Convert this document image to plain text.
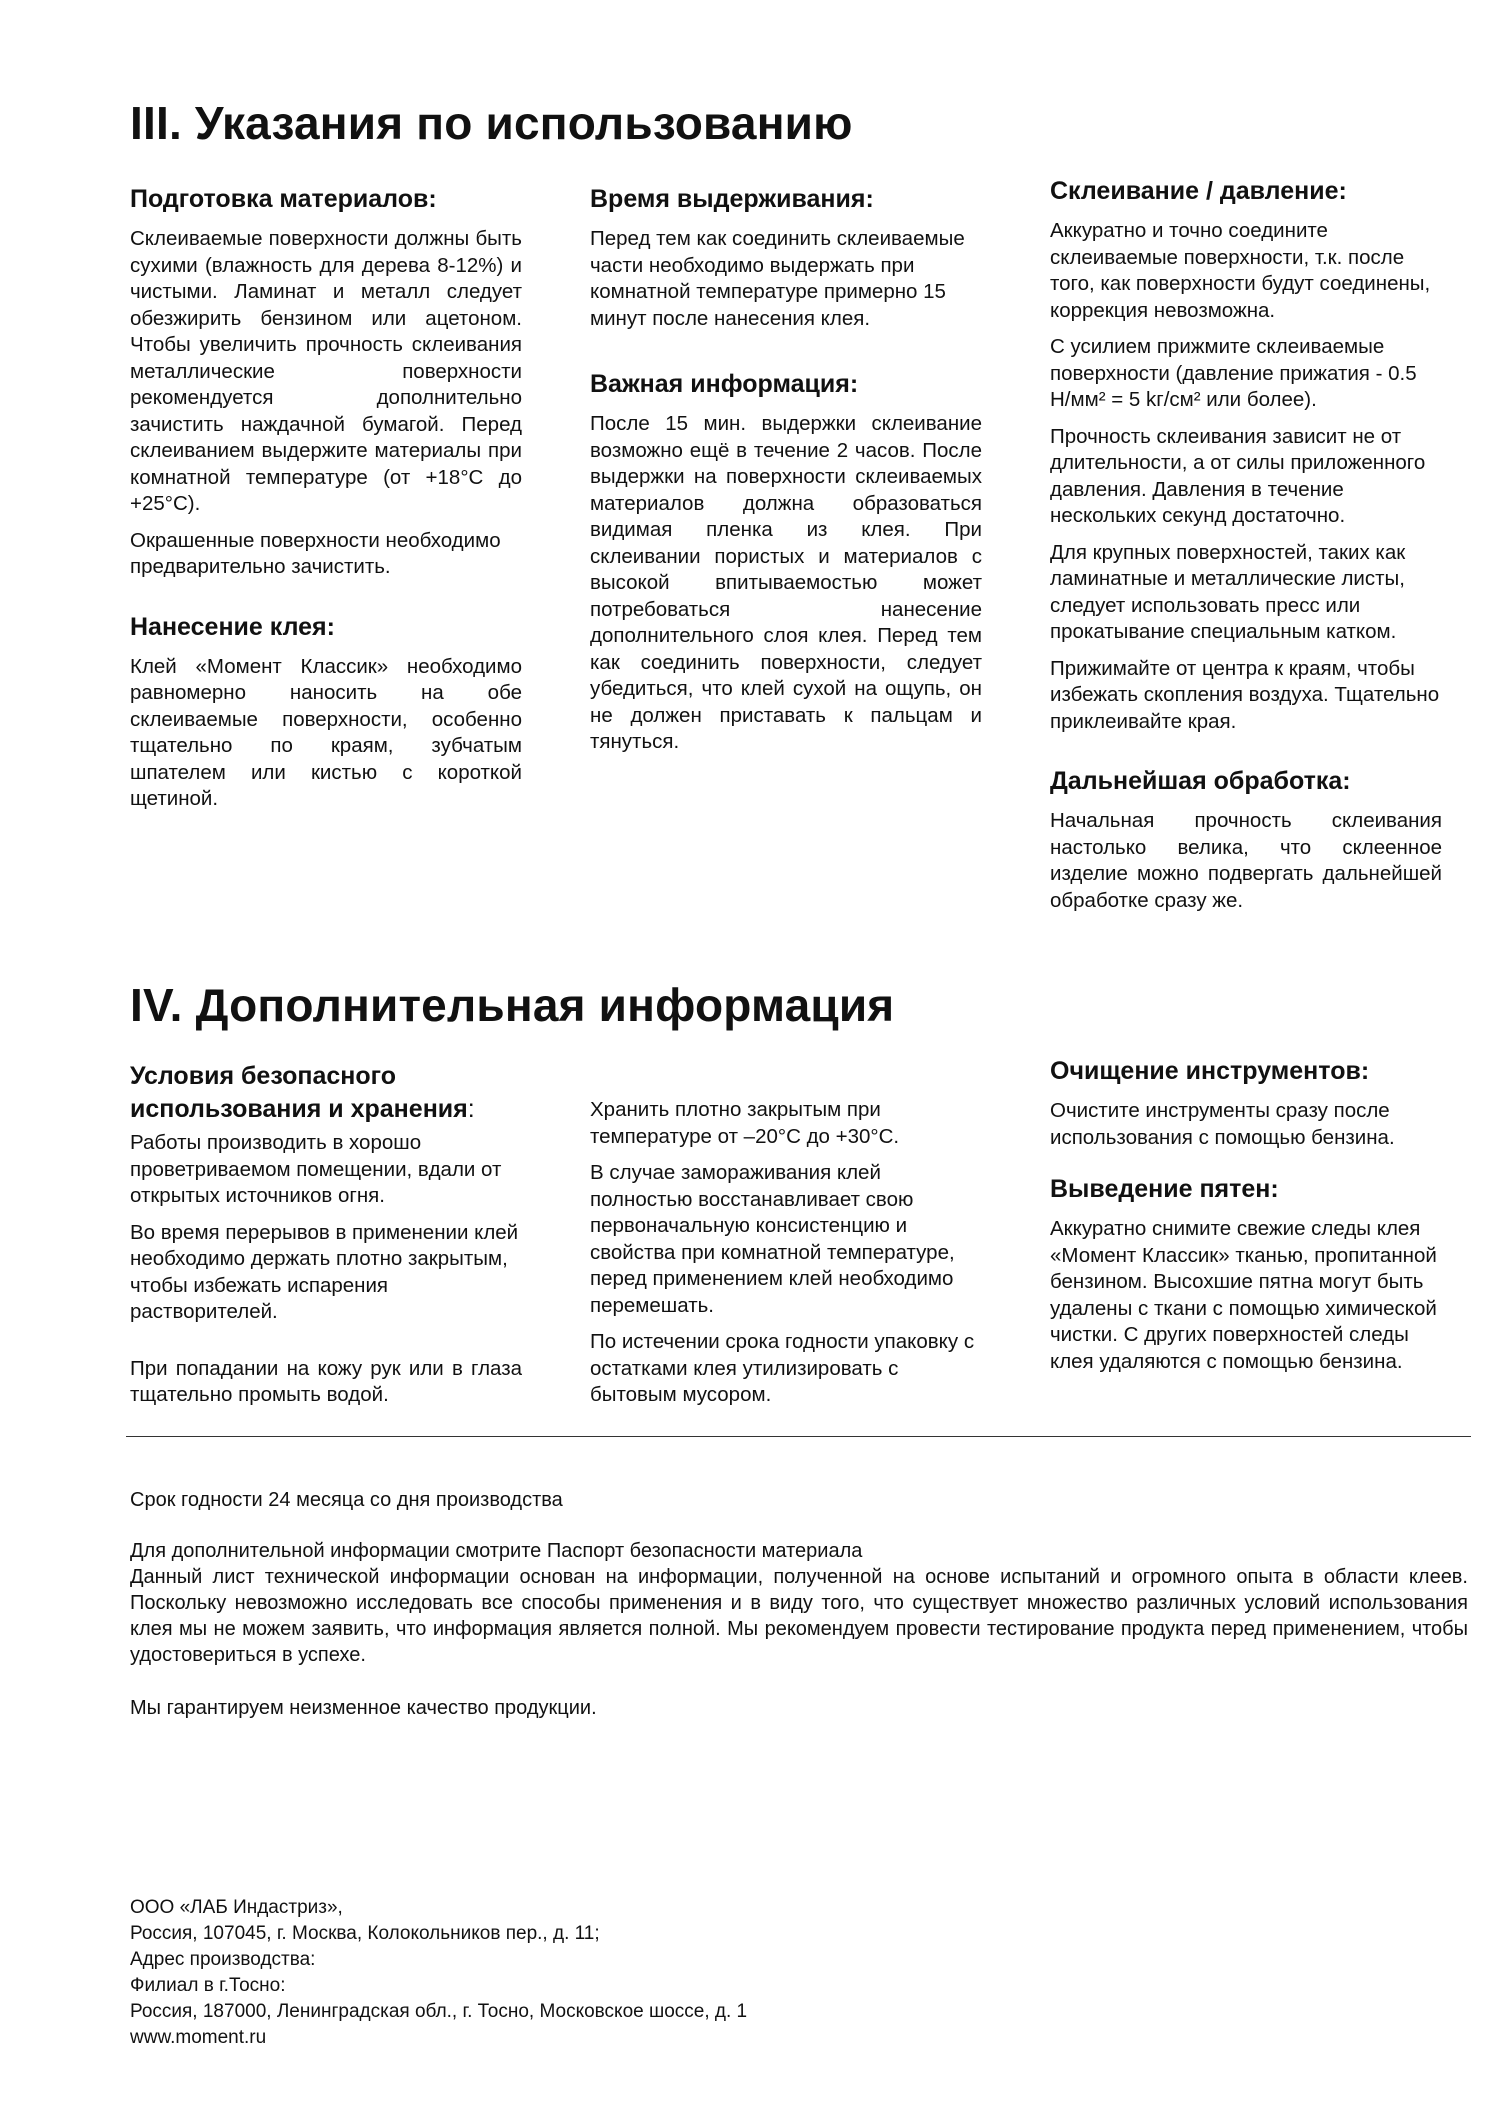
III. Указания по использованию
Подготовка материалов:

Склеиваемые поверхности должны быть сухими (влажность для дерева 8-12%) и чистыми. Ламинат и металл следует обезжирить бензином или ацетоном. Чтобы увеличить прочность склеивания металлические поверхности рекомендуется дополнительно зачистить наждачной бумагой. Перед склеиванием выдержите материалы при комнатной температуре (от +18°C до +25°C).

Окрашенные поверхности необходимо предварительно зачистить.

Нанесение клея:

Клей «Момент Классик» необходимо равномерно наносить на обе склеиваемые поверхности, особенно тщательно по краям, зубчатым шпателем или кистью с короткой щетиной.

Время выдерживания:

Перед тем как соединить склеиваемые части необходимо выдержать при комнатной температуре примерно 15 минут после нанесения клея.

Важная информация:

После 15 мин. выдержки склеивание возможно ещё в течение 2 часов. После выдержки на поверхности склеиваемых материалов должна образоваться видимая пленка из клея. При склеивании пористых и материалов с высокой впитываемостью может потребоваться нанесение дополнительного слоя клея. Перед тем как соединить поверхности, следует убедиться, что клей сухой на ощупь, он не должен приставать к пальцам и тянуться.

Склеивание / давление:

Аккуратно и точно соедините склеиваемые поверхности, т.к. после того, как поверхности будут соединены, коррекция невозможна.

С усилием прижмите склеиваемые поверхности (давление прижатия - 0.5 Н/мм² = 5 kг/см² или более).

Прочность склеивания зависит не от длительности, а от силы приложенного давления. Давления в течение нескольких секунд достаточно.

Для крупных поверхностей, таких как ламинатные и металлические листы, следует использовать пресс или прокатывание специальным катком.

Прижимайте от центра к краям, чтобы избежать скопления воздуха. Тщательно приклеивайте края.

Дальнейшая обработка:

Начальная прочность склеивания настолько велика, что склеенное изделие можно подвергать дальнейшей обработке сразу же.

IV. Дополнительная информация
Условия безопасного
использования и хранения:

Работы производить в хорошо проветриваемом помещении, вдали от открытых источников огня.

Во время перерывов в применении клей необходимо держать плотно закрытым, чтобы избежать испарения растворителей.

При попадании на кожу рук или в глаза тщательно промыть водой.

Хранить плотно закрытым при температуре от –20°C до +30°C.

В случае замораживания клей полностью восстанавливает свою первоначальную консистенцию и свойства при комнатной температуре, перед применением клей необходимо перемешать.

По истечении срока годности упаковку с остатками клея утилизировать с бытовым мусором.

Очищение инструментов:

Очистите инструменты сразу после использования с помощью бензина.

Выведение пятен:

Аккуратно снимите свежие следы клея «Момент Классик» тканью, пропитанной бензином. Высохшие пятна могут быть удалены с ткани с помощью химической чистки. С других поверхностей следы клея удаляются с помощью бензина.

Срок годности 24 месяца со дня производства
Для дополнительной информации смотрите Паспорт безопасности материала
Данный лист технической информации основан на информации, полученной на основе испытаний и огромного опыта в области клеев. Поскольку невозможно исследовать все способы применения и в виду того, что существует множество различных условий использования клея мы не можем заявить, что информация является полной. Мы рекомендуем провести тестирование продукта перед применением, чтобы удостовериться в успехе.
Мы гарантируем неизменное качество продукции.
ООО «ЛАБ Индастриз»,
Россия, 107045, г. Москва, Колокольников пер., д. 11;
Адрес производства:
Филиал в г.Тосно:
Россия, 187000, Ленинградская обл., г. Тосно, Московское шоссе, д. 1
www.moment.ru
